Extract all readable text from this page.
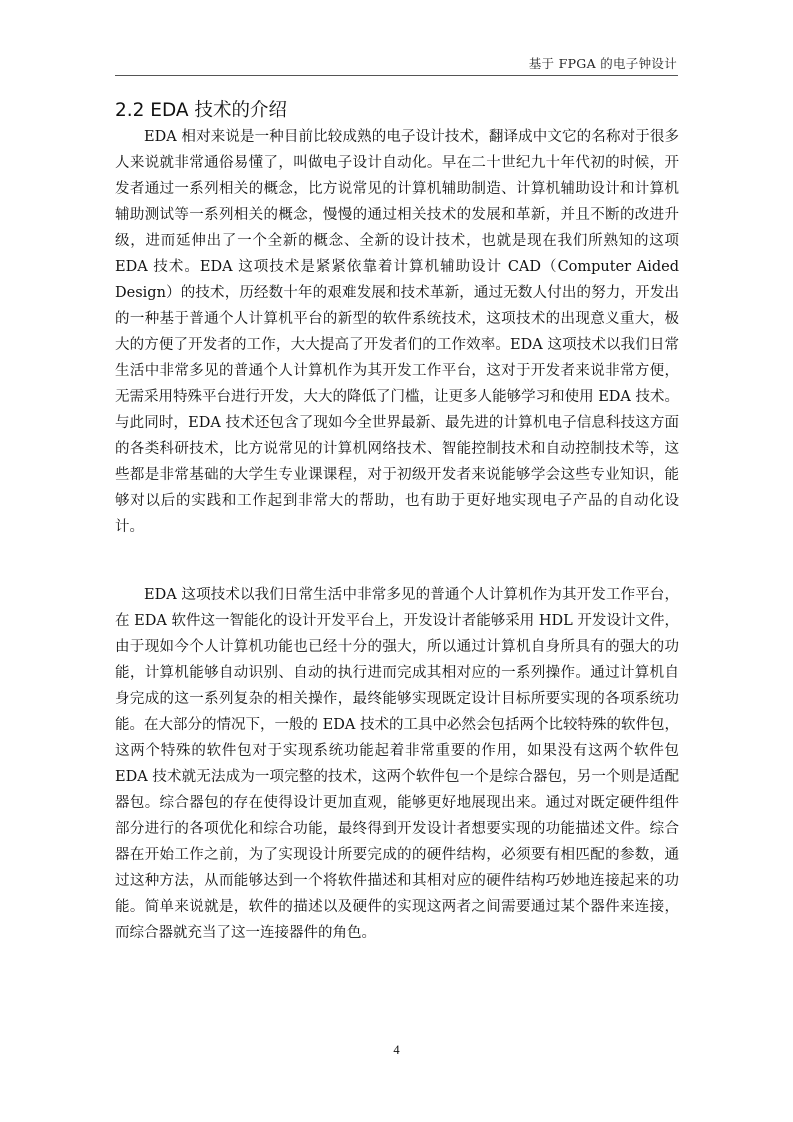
基于 FPGA 的电子钟设计
2.2 EDA 技术的介绍

EDA 相对来说是一种目前比较成熟的电子设计技术，翻译成中文它的名称对于很多人来说就非常通俗易懂了，叫做电子设计自动化。早在二十世纪九十年代初的时候，开发者通过一系列相关的概念，比方说常见的计算机辅助制造、计算机辅助设计和计算机辅助测试等一系列相关的概念，慢慢的通过相关技术的发展和革新，并且不断的改进升级，进而延伸出了一个全新的概念、全新的设计技术，也就是现在我们所熟知的这项 EDA 技术。EDA 这项技术是紧紧依靠着计算机辅助设计 CAD（Computer Aided Design）的技术，历经数十年的艰难发展和技术革新，通过无数人付出的努力，开发出的一种基于普通个人计算机平台的新型的软件系统技术，这项技术的出现意义重大，极大的方便了开发者的工作，大大提高了开发者们的工作效率。EDA 这项技术以我们日常生活中非常多见的普通个人计算机作为其开发工作平台，这对于开发者来说非常方便，无需采用特殊平台进行开发，大大的降低了门槛，让更多人能够学习和使用 EDA 技术。与此同时，EDA 技术还包含了现如今全世界最新、最先进的计算机电子信息科技这方面的各类科研技术，比方说常见的计算机网络技术、智能控制技术和自动控制技术等，这些都是非常基础的大学生专业课课程，对于初级开发者来说能够学会这些专业知识，能够对以后的实践和工作起到非常大的帮助，也有助于更好地实现电子产品的自动化设计。

EDA 这项技术以我们日常生活中非常多见的普通个人计算机作为其开发工作平台，在 EDA 软件这一智能化的设计开发平台上，开发设计者能够采用 HDL 开发设计文件，由于现如今个人计算机功能也已经十分的强大，所以通过计算机自身所具有的强大的功能，计算机能够自动识别、自动的执行进而完成其相对应的一系列操作。通过计算机自身完成的这一系列复杂的相关操作，最终能够实现既定设计目标所要实现的各项系统功能。在大部分的情况下，一般的 EDA 技术的工具中必然会包括两个比较特殊的软件包，这两个特殊的软件包对于实现系统功能起着非常重要的作用，如果没有这两个软件包 EDA 技术就无法成为一项完整的技术，这两个软件包一个是综合器包，另一个则是适配器包。综合器包的存在使得设计更加直观，能够更好地展现出来。通过对既定硬件组件部分进行的各项优化和综合功能，最终得到开发设计者想要实现的功能描述文件。综合器在开始工作之前，为了实现设计所要完成的的硬件结构，必须要有相匹配的参数，通过这种方法，从而能够达到一个将软件描述和其相对应的硬件结构巧妙地连接起来的功能。简单来说就是，软件的描述以及硬件的实现这两者之间需要通过某个器件来连接，而综合器就充当了这一连接器件的角色。

4
